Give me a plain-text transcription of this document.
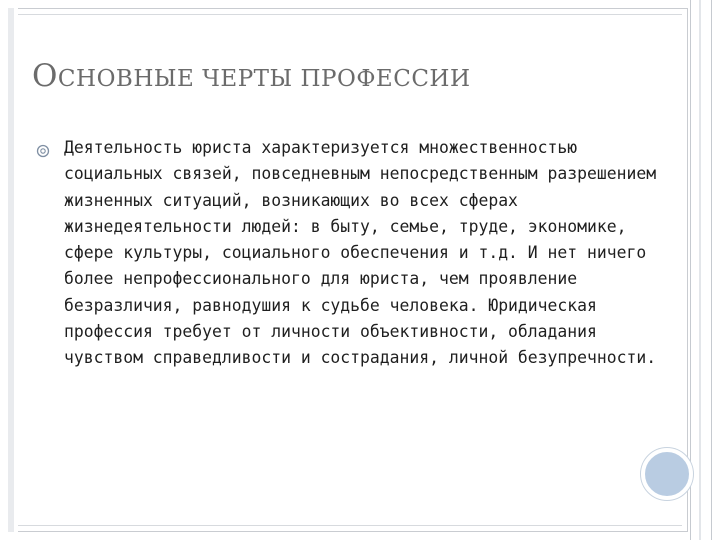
ОСНОВНЫЕ ЧЕРТЫ ПРОФЕССИИ
Деятельность юриста характеризуется множественностью социальных связей, повседневным непосредственным разрешением жизненных ситуаций, возникающих во всех сферах жизнедеятельности людей: в быту, семье, труде, экономике, сфере культуры, социального обеспечения и т.д. И нет ничего более непрофессионального для юриста, чем проявление безразличия, равнодушия к судьбе человека. Юридическая профессия требует от личности объективности, обладания чувством справедливости и сострадания, личной безупречности.
